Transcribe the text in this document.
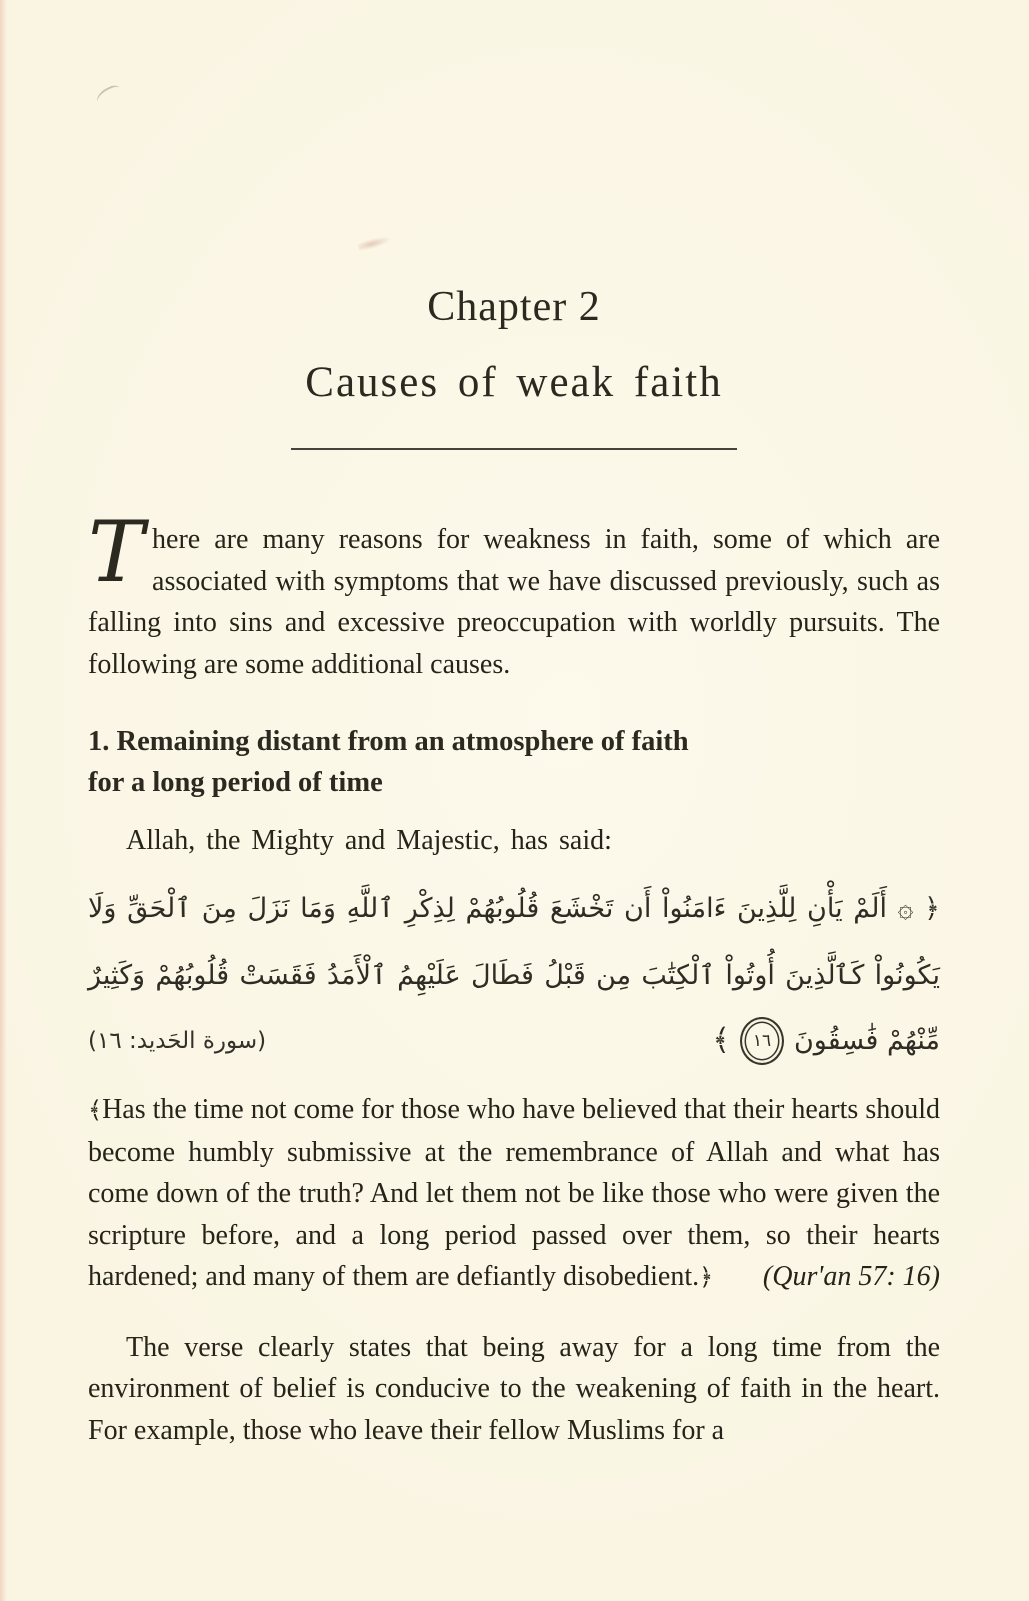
Chapter 2
Causes of weak faith

There are many reasons for weakness in faith, some of which are associated with symptoms that we have discussed previously, such as falling into sins and excessive preoccupation with worldly pursuits. The following are some additional causes.

1. Remaining distant from an atmosphere of faith for a long period of time
Allah, the Mighty and Majestic, has said:
﴿ ۞ أَلَمْ يَأْنِ لِلَّذِينَ ءَامَنُواْ أَن تَخْشَعَ قُلُوبُهُمْ لِذِكْرِ ٱللَّهِ وَمَا نَزَلَ مِنَ ٱلْحَقِّ وَلَا
يَكُونُواْ كَٱلَّذِينَ أُوتُواْ ٱلْكِتَٰبَ مِن قَبْلُ فَطَالَ عَلَيْهِمُ ٱلْأَمَدُ فَقَسَتْ قُلُوبُهُمْ وَكَثِيرٌ
مِّنْهُمْ فَٰسِقُونَ
١٦
﴾
(سورة الحَديد: ١٦)

﴾Has the time not come for those who have believed that their hearts should become humbly submissive at the remembrance of Allah and what has come down of the truth? And let them not be like those who were given the scripture before, and a long period passed over them, so their hearts hardened; and many of them are defiantly disobedient.﴿ (Qur'an 57: 16)

The verse clearly states that being away for a long time from the environment of belief is conducive to the weakening of faith in the heart. For example, those who leave their fellow Muslims for a
